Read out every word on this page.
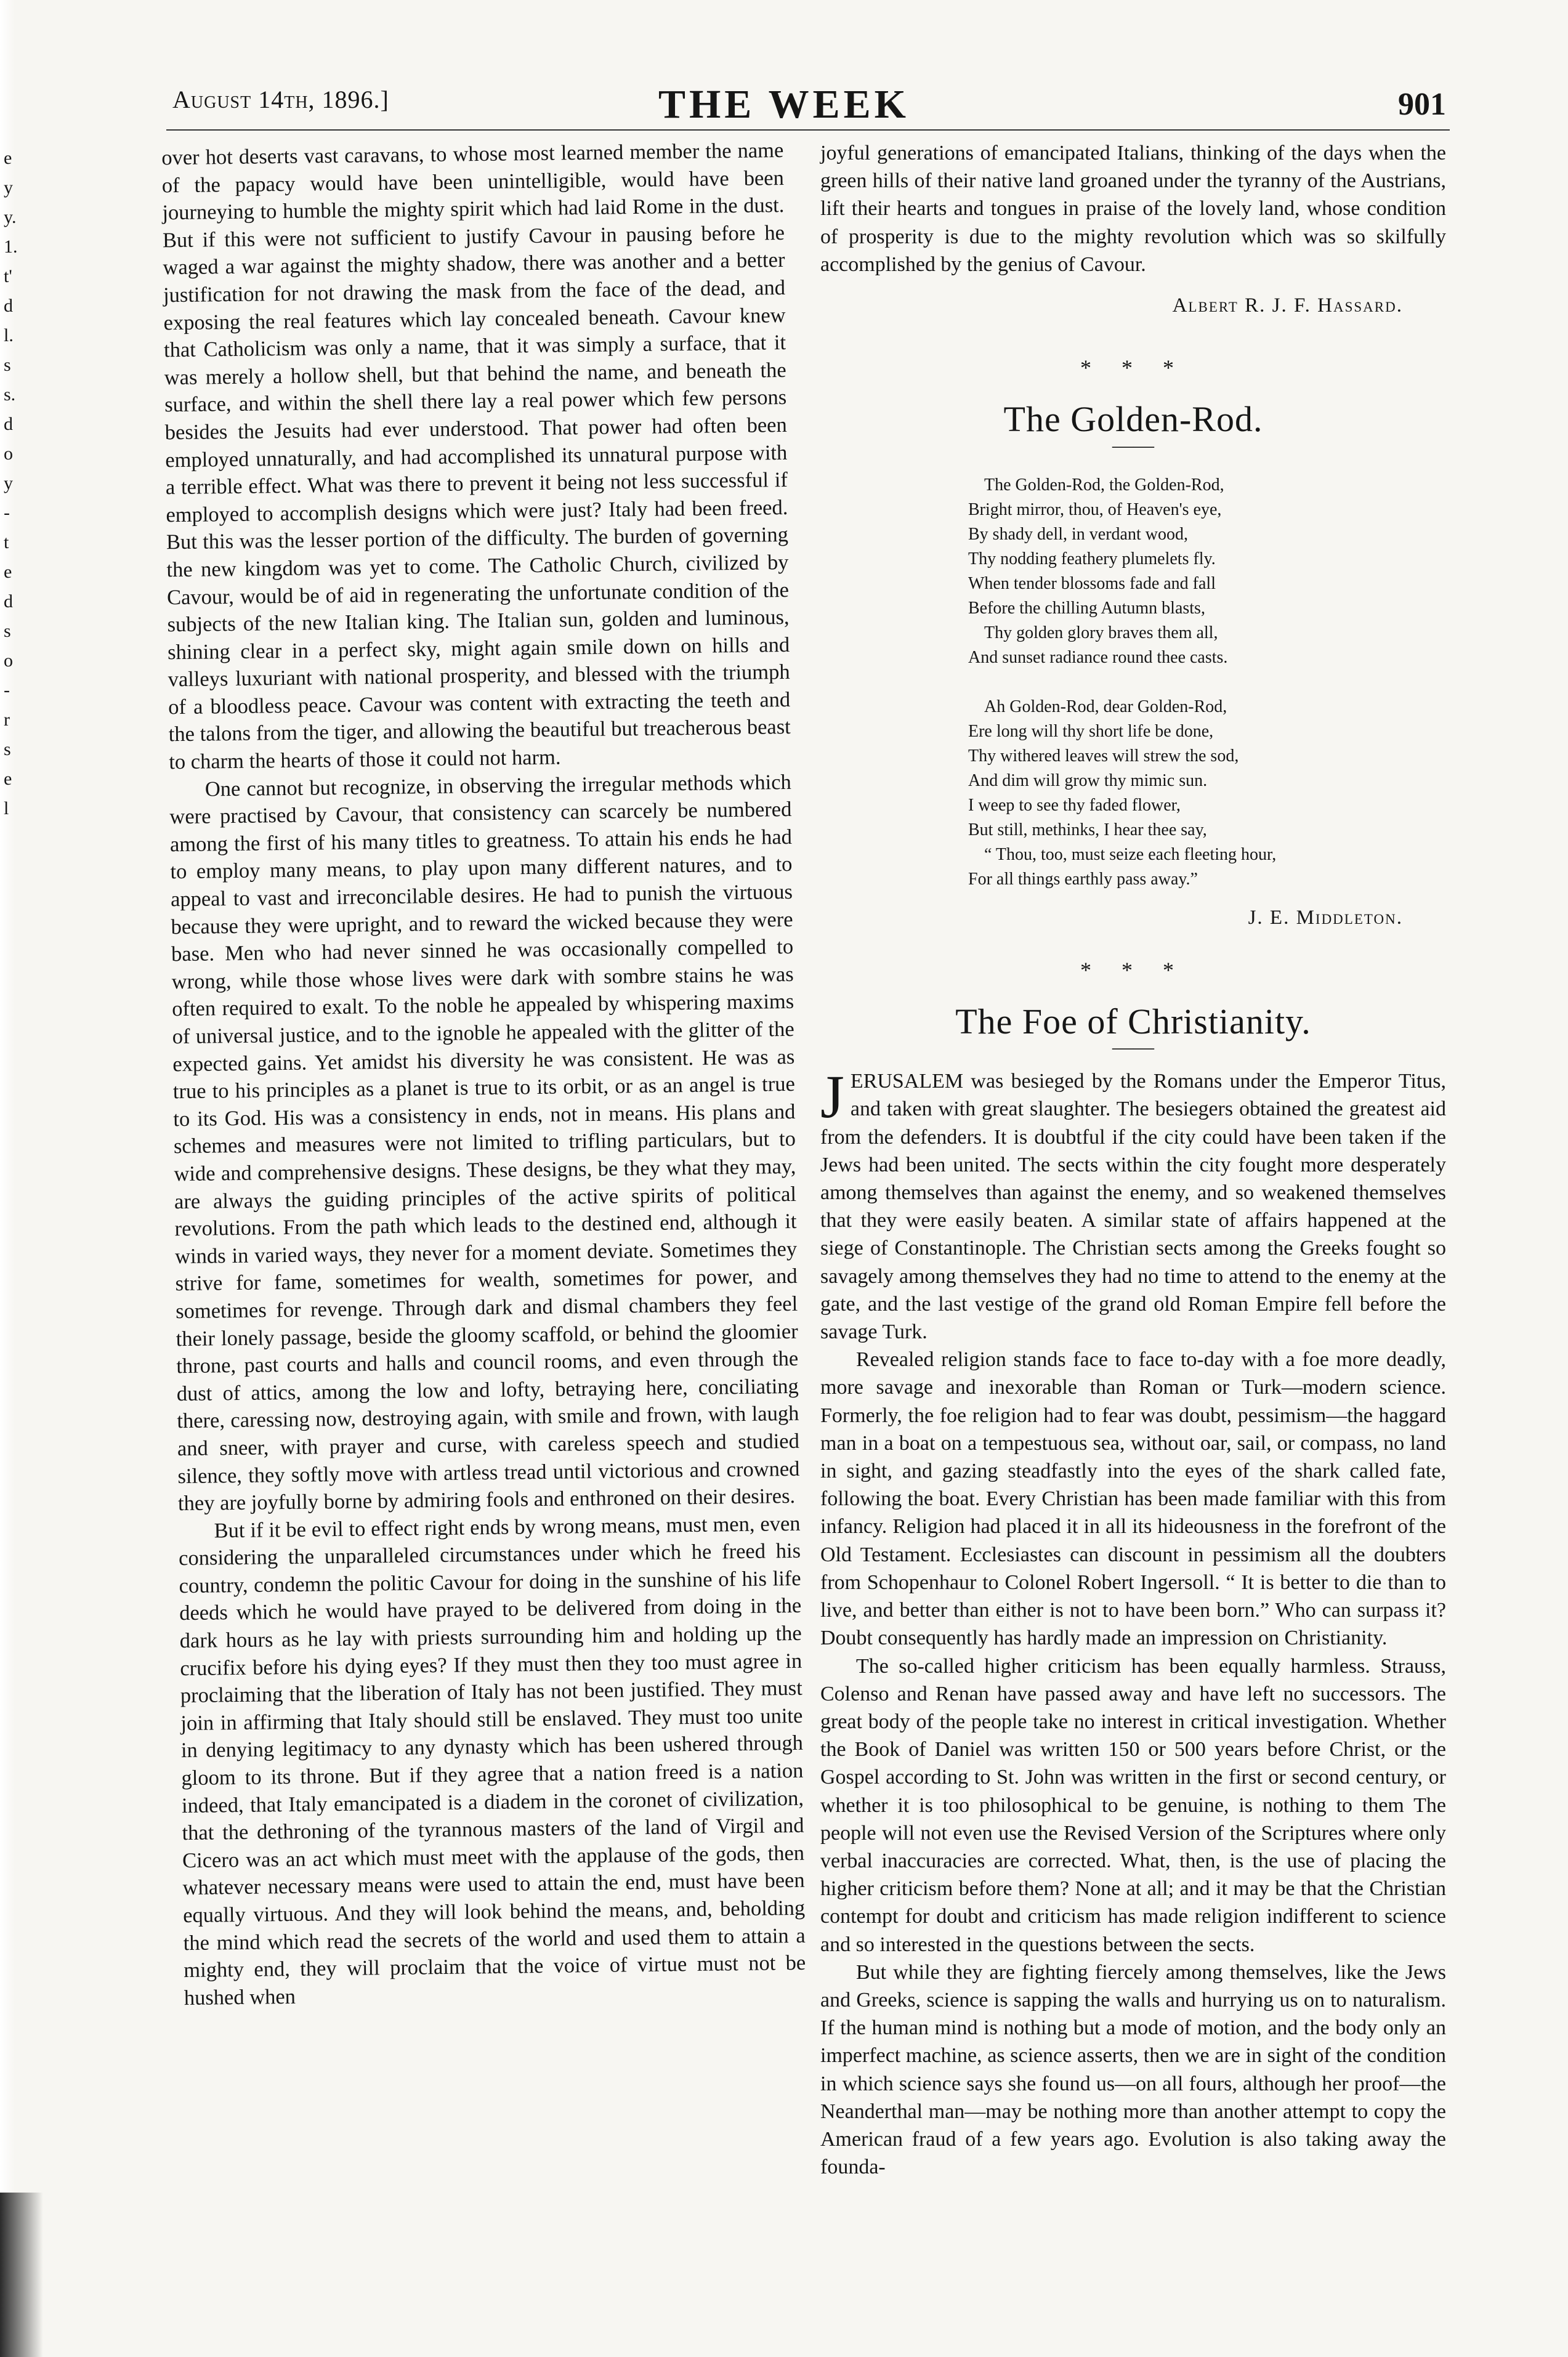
e
y
y.
1.
t'
d
l.
s
s.
d
o
y
-
t
e
d
s
o
-
r
s
e
l
August 14th, 1896.]	THE WEEK	901

over hot deserts vast caravans, to whose most learned member the name of the papacy would have been unintelligible, would have been journeying to humble the mighty spirit which had laid Rome in the dust. But if this were not sufficient to justify Cavour in pausing before he waged a war against the mighty shadow, there was another and a better justification for not drawing the mask from the face of the dead, and exposing the real features which lay concealed beneath. Cavour knew that Catholicism was only a name, that it was simply a surface, that it was merely a hollow shell, but that behind the name, and beneath the surface, and within the shell there lay a real power which few persons besides the Jesuits had ever understood. That power had often been employed unnaturally, and had accomplished its unnatural purpose with a terrible effect. What was there to prevent it being not less successful if employed to accomplish designs which were just? Italy had been freed. But this was the lesser portion of the difficulty. The burden of governing the new kingdom was yet to come. The Catholic Church, civilized by Cavour, would be of aid in regenerating the unfortunate condition of the subjects of the new Italian king. The Italian sun, golden and luminous, shining clear in a perfect sky, might again smile down on hills and valleys luxuriant with national prosperity, and blessed with the triumph of a bloodless peace. Cavour was content with extracting the teeth and the talons from the tiger, and allowing the beautiful but treacherous beast to charm the hearts of those it could not harm.

One cannot but recognize, in observing the irregular methods which were practised by Cavour, that consistency can scarcely be numbered among the first of his many titles to greatness. To attain his ends he had to employ many means, to play upon many different natures, and to appeal to vast and irreconcilable desires. He had to punish the virtuous because they were upright, and to reward the wicked because they were base. Men who had never sinned he was occasionally compelled to wrong, while those whose lives were dark with sombre stains he was often required to exalt. To the noble he appealed by whispering maxims of universal justice, and to the ignoble he appealed with the glitter of the expected gains. Yet amidst his diversity he was consistent. He was as true to his principles as a planet is true to its orbit, or as an angel is true to its God. His was a consistency in ends, not in means. His plans and schemes and measures were not limited to trifling particulars, but to wide and comprehensive designs. These designs, be they what they may, are always the guiding principles of the active spirits of political revolutions. From the path which leads to the destined end, although it winds in varied ways, they never for a moment deviate. Sometimes they strive for fame, sometimes for wealth, sometimes for power, and sometimes for revenge. Through dark and dismal chambers they feel their lonely passage, beside the gloomy scaffold, or behind the gloomier throne, past courts and halls and council rooms, and even through the dust of attics, among the low and lofty, betraying here, conciliating there, caressing now, destroying again, with smile and frown, with laugh and sneer, with prayer and curse, with careless speech and studied silence, they softly move with artless tread until victorious and crowned they are joyfully borne by admiring fools and enthroned on their desires.

But if it be evil to effect right ends by wrong means, must men, even considering the unparalleled circumstances under which he freed his country, condemn the politic Cavour for doing in the sunshine of his life deeds which he would have prayed to be delivered from doing in the dark hours as he lay with priests surrounding him and holding up the crucifix before his dying eyes? If they must then they too must agree in proclaiming that the liberation of Italy has not been justified. They must join in affirming that Italy should still be enslaved. They must too unite in denying legitimacy to any dynasty which has been ushered through gloom to its throne. But if they agree that a nation freed is a nation indeed, that Italy emancipated is a diadem in the coronet of civilization, that the dethroning of the tyrannous masters of the land of Virgil and Cicero was an act which must meet with the applause of the gods, then whatever necessary means were used to attain the end, must have been equally virtuous. And they will look behind the means, and, beholding the mind which read the secrets of the world and used them to attain a mighty end, they will proclaim that the voice of virtue must not be hushed when

joyful generations of emancipated Italians, thinking of the days when the green hills of their native land groaned under the tyranny of the Austrians, lift their hearts and tongues in praise of the lovely land, whose condition of prosperity is due to the mighty revolution which was so skilfully accomplished by the genius of Cavour.

Albert R. J. F. Hassard.
* * *
The Golden-Rod.
——
The Golden-Rod, the Golden-Rod,
Bright mirror, thou, of Heaven's eye,
By shady dell, in verdant wood,
Thy nodding feathery plumelets fly.
When tender blossoms fade and fall
Before the chilling Autumn blasts,
Thy golden glory braves them all,
And sunset radiance round thee casts.
Ah Golden-Rod, dear Golden-Rod,
Ere long will thy short life be done,
Thy withered leaves will strew the sod,
And dim will grow thy mimic sun.
I weep to see thy faded flower,
But still, methinks, I hear thee say,
“ Thou, too, must seize each fleeting hour,
For all things earthly pass away.”
J. E. Middleton.
* * *
The Foe of Christianity.
——

JERUSALEM was besieged by the Romans under the Emperor Titus, and taken with great slaughter. The besiegers obtained the greatest aid from the defenders. It is doubtful if the city could have been taken if the Jews had been united. The sects within the city fought more desperately among themselves than against the enemy, and so weakened themselves that they were easily beaten. A similar state of affairs happened at the siege of Constantinople. The Christian sects among the Greeks fought so savagely among themselves they had no time to attend to the enemy at the gate, and the last vestige of the grand old Roman Empire fell before the savage Turk.

Revealed religion stands face to face to-day with a foe more deadly, more savage and inexorable than Roman or Turk—modern science. Formerly, the foe religion had to fear was doubt, pessimism—the haggard man in a boat on a tempestuous sea, without oar, sail, or compass, no land in sight, and gazing steadfastly into the eyes of the shark called fate, following the boat. Every Christian has been made familiar with this from infancy. Religion had placed it in all its hideousness in the forefront of the Old Testament. Ecclesiastes can discount in pessimism all the doubters from Schopenhaur to Colonel Robert Ingersoll. “ It is better to die than to live, and better than either is not to have been born.” Who can surpass it? Doubt consequently has hardly made an impression on Christianity.

The so-called higher criticism has been equally harmless. Strauss, Colenso and Renan have passed away and have left no successors. The great body of the people take no interest in critical investigation. Whether the Book of Daniel was written 150 or 500 years before Christ, or the Gospel according to St. John was written in the first or second century, or whether it is too philosophical to be genuine, is nothing to them The people will not even use the Revised Version of the Scriptures where only verbal inaccuracies are corrected. What, then, is the use of placing the higher criticism before them? None at all; and it may be that the Christian contempt for doubt and criticism has made religion indifferent to science and so interested in the questions between the sects.

But while they are fighting fiercely among themselves, like the Jews and Greeks, science is sapping the walls and hurrying us on to naturalism. If the human mind is nothing but a mode of motion, and the body only an imperfect machine, as science asserts, then we are in sight of the condition in which science says she found us—on all fours, although her proof—the Neanderthal man—may be nothing more than another attempt to copy the American fraud of a few years ago. Evolution is also taking away the founda-
